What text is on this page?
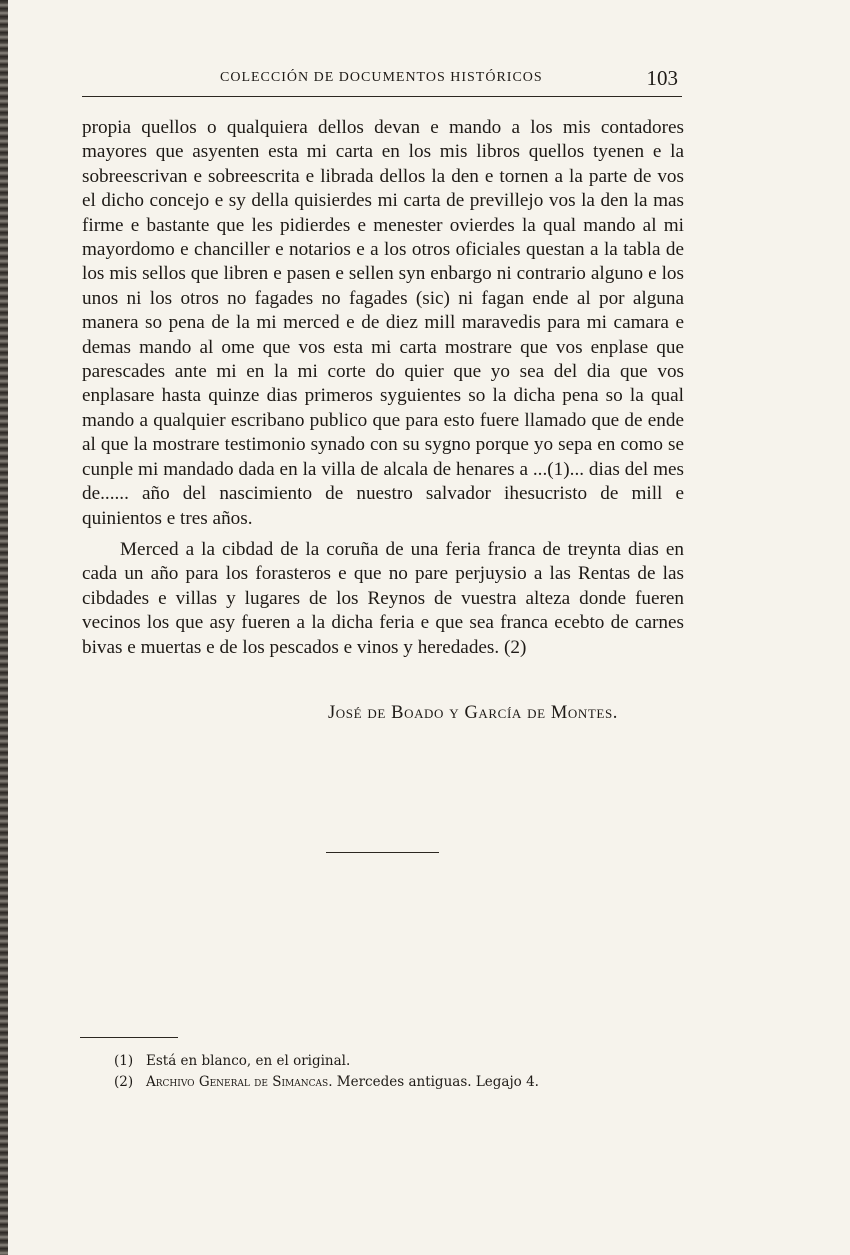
COLECCIÓN DE DOCUMENTOS HISTÓRICOS	103

propia quellos o qualquiera dellos devan e mando a los mis contadores mayores que asyenten esta mi carta en los mis libros quellos tyenen e la sobreescrivan e sobreescrita e librada dellos la den e tornen a la parte de vos el dicho concejo e sy della quisierdes mi carta de previllejo vos la den la mas firme e bastante que les pidierdes e menester ovierdes la qual mando al mi mayordomo e chanciller e notarios e a los otros oficiales questan a la tabla de los mis sellos que libren e pasen e sellen syn enbargo ni contrario alguno e los unos ni los otros no fagades no fagades (sic) ni fagan ende al por alguna manera so pena de la mi merced e de diez mill maravedis para mi camara e demas mando al ome que vos esta mi carta mostrare que vos enplase que parescades ante mi en la mi corte do quier que yo sea del dia que vos enplasare hasta quinze dias primeros syguientes so la dicha pena so la qual mando a qualquier escribano publico que para esto fuere llamado que de ende al que la mostrare testimonio synado con su sygno porque yo sepa en como se cunple mi mandado dada en la villa de alcala de henares a ...(1)... dias del mes de...... año del nascimiento de nuestro salvador ihesucristo de mill e quinientos e tres años.

Merced a la cibdad de la coruña de una feria franca de treynta dias en cada un año para los forasteros e que no pare perjuysio a las Rentas de las cibdades e villas y lugares de los Reynos de vuestra alteza donde fueren vecinos los que asy fueren a la dicha feria e que sea franca ecebto de carnes bivas e muertas e de los pescados e vinos y heredades. (2)

José de Boado y García de Montes.
(1) Está en blanco, en el original.
(2) Archivo General de Simancas. Mercedes antiguas. Legajo 4.
